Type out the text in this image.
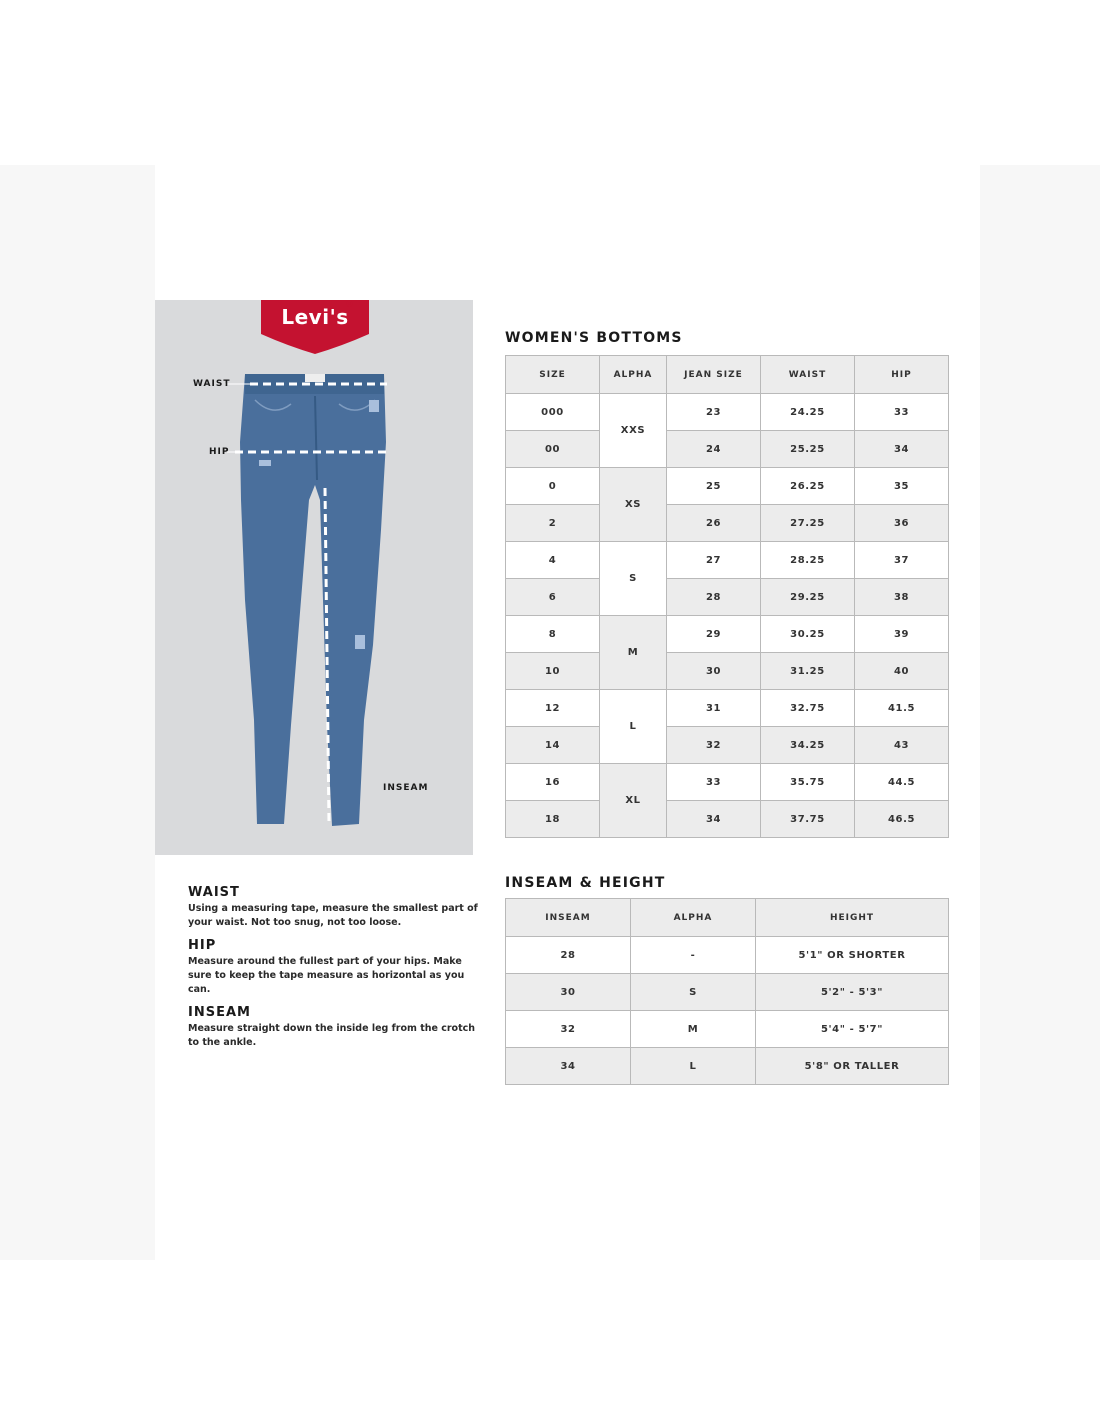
Levi's
®
WAIST
HIP
INSEAM
WAIST
Using a measuring tape, measure the smallest part of your waist. Not too snug, not too loose.
HIP
Measure around the fullest part of your hips. Make sure to keep the tape measure as horizontal as you can.
INSEAM
Measure straight down the inside leg from the crotch to the ankle.
WOMEN'S BOTTOMS
SIZE	ALPHA	JEAN SIZE	WAIST	HIP
000	XXS	23	24.25	33
00		24	25.25	34
0	XS	25	26.25	35
2		26	27.25	36
4	S	27	28.25	37
6		28	29.25	38
8	M	29	30.25	39
10		30	31.25	40
12	L	31	32.75	41.5
14		32	34.25	43
16	XL	33	35.75	44.5
18		34	37.75	46.5
INSEAM & HEIGHT
INSEAM	ALPHA	HEIGHT
28	-	5'1" OR SHORTER
30	S	5'2" - 5'3"
32	M	5'4" - 5'7"
34	L	5'8" OR TALLER
